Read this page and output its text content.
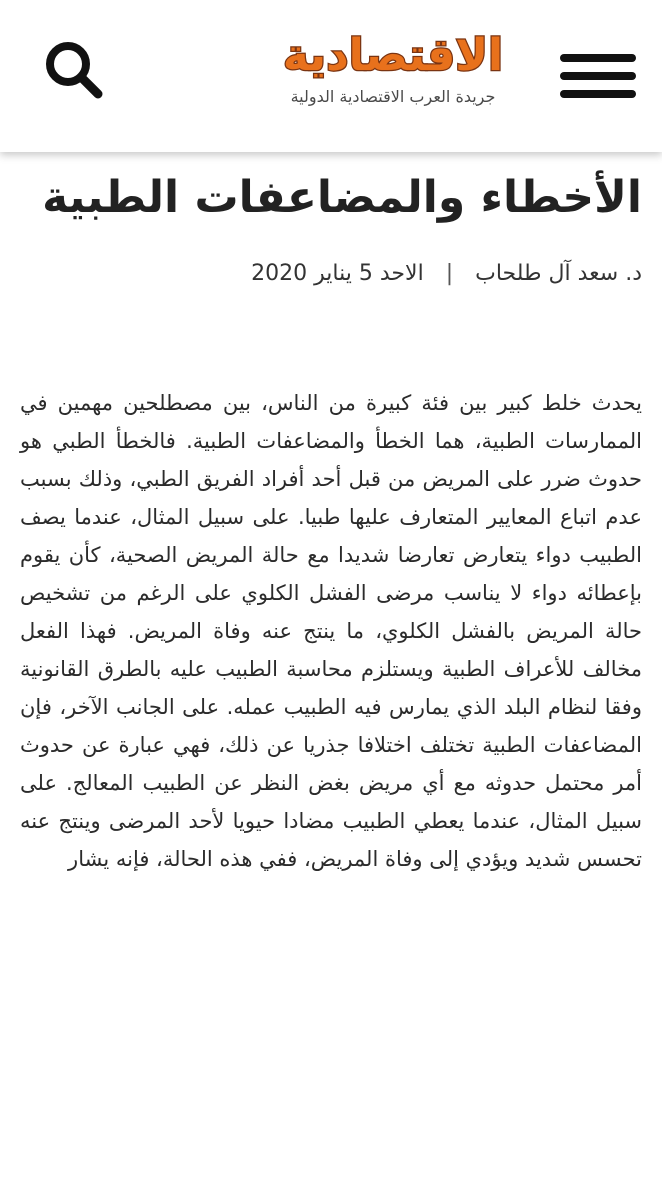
الاقتصادية
جريدة العرب الاقتصادية الدولية
الأخطاء والمضاعفات الطبية
د. سعد آل طلحاب|الاحد 5 يناير 2020

يحدث خلط كبير بين فئة كبيرة من الناس، بين مصطلحين مهمين في الممارسات الطبية، هما الخطأ والمضاعفات الطبية. فالخطأ الطبي هو حدوث ضرر على المريض من قبل أحد أفراد الفريق الطبي، وذلك بسبب عدم اتباع المعايير المتعارف عليها طبيا. على سبيل المثال، عندما يصف الطبيب دواء يتعارض تعارضا شديدا مع حالة المريض الصحية، كأن يقوم بإعطائه دواء لا يناسب مرضى الفشل الكلوي على الرغم من تشخيص حالة المريض بالفشل الكلوي، ما ينتج عنه وفاة المريض. فهذا الفعل مخالف للأعراف الطبية ويستلزم محاسبة الطبيب عليه بالطرق القانونية وفقا لنظام البلد الذي يمارس فيه الطبيب عمله. على الجانب الآخر، فإن المضاعفات الطبية تختلف اختلافا جذريا عن ذلك، فهي عبارة عن حدوث أمر محتمل حدوثه مع أي مريض بغض النظر عن الطبيب المعالج. على سبيل المثال، عندما يعطي الطبيب مضادا حيويا لأحد المرضى وينتج عنه تحسس شديد ويؤدي إلى وفاة المريض، ففي هذه الحالة، فإنه يشار
